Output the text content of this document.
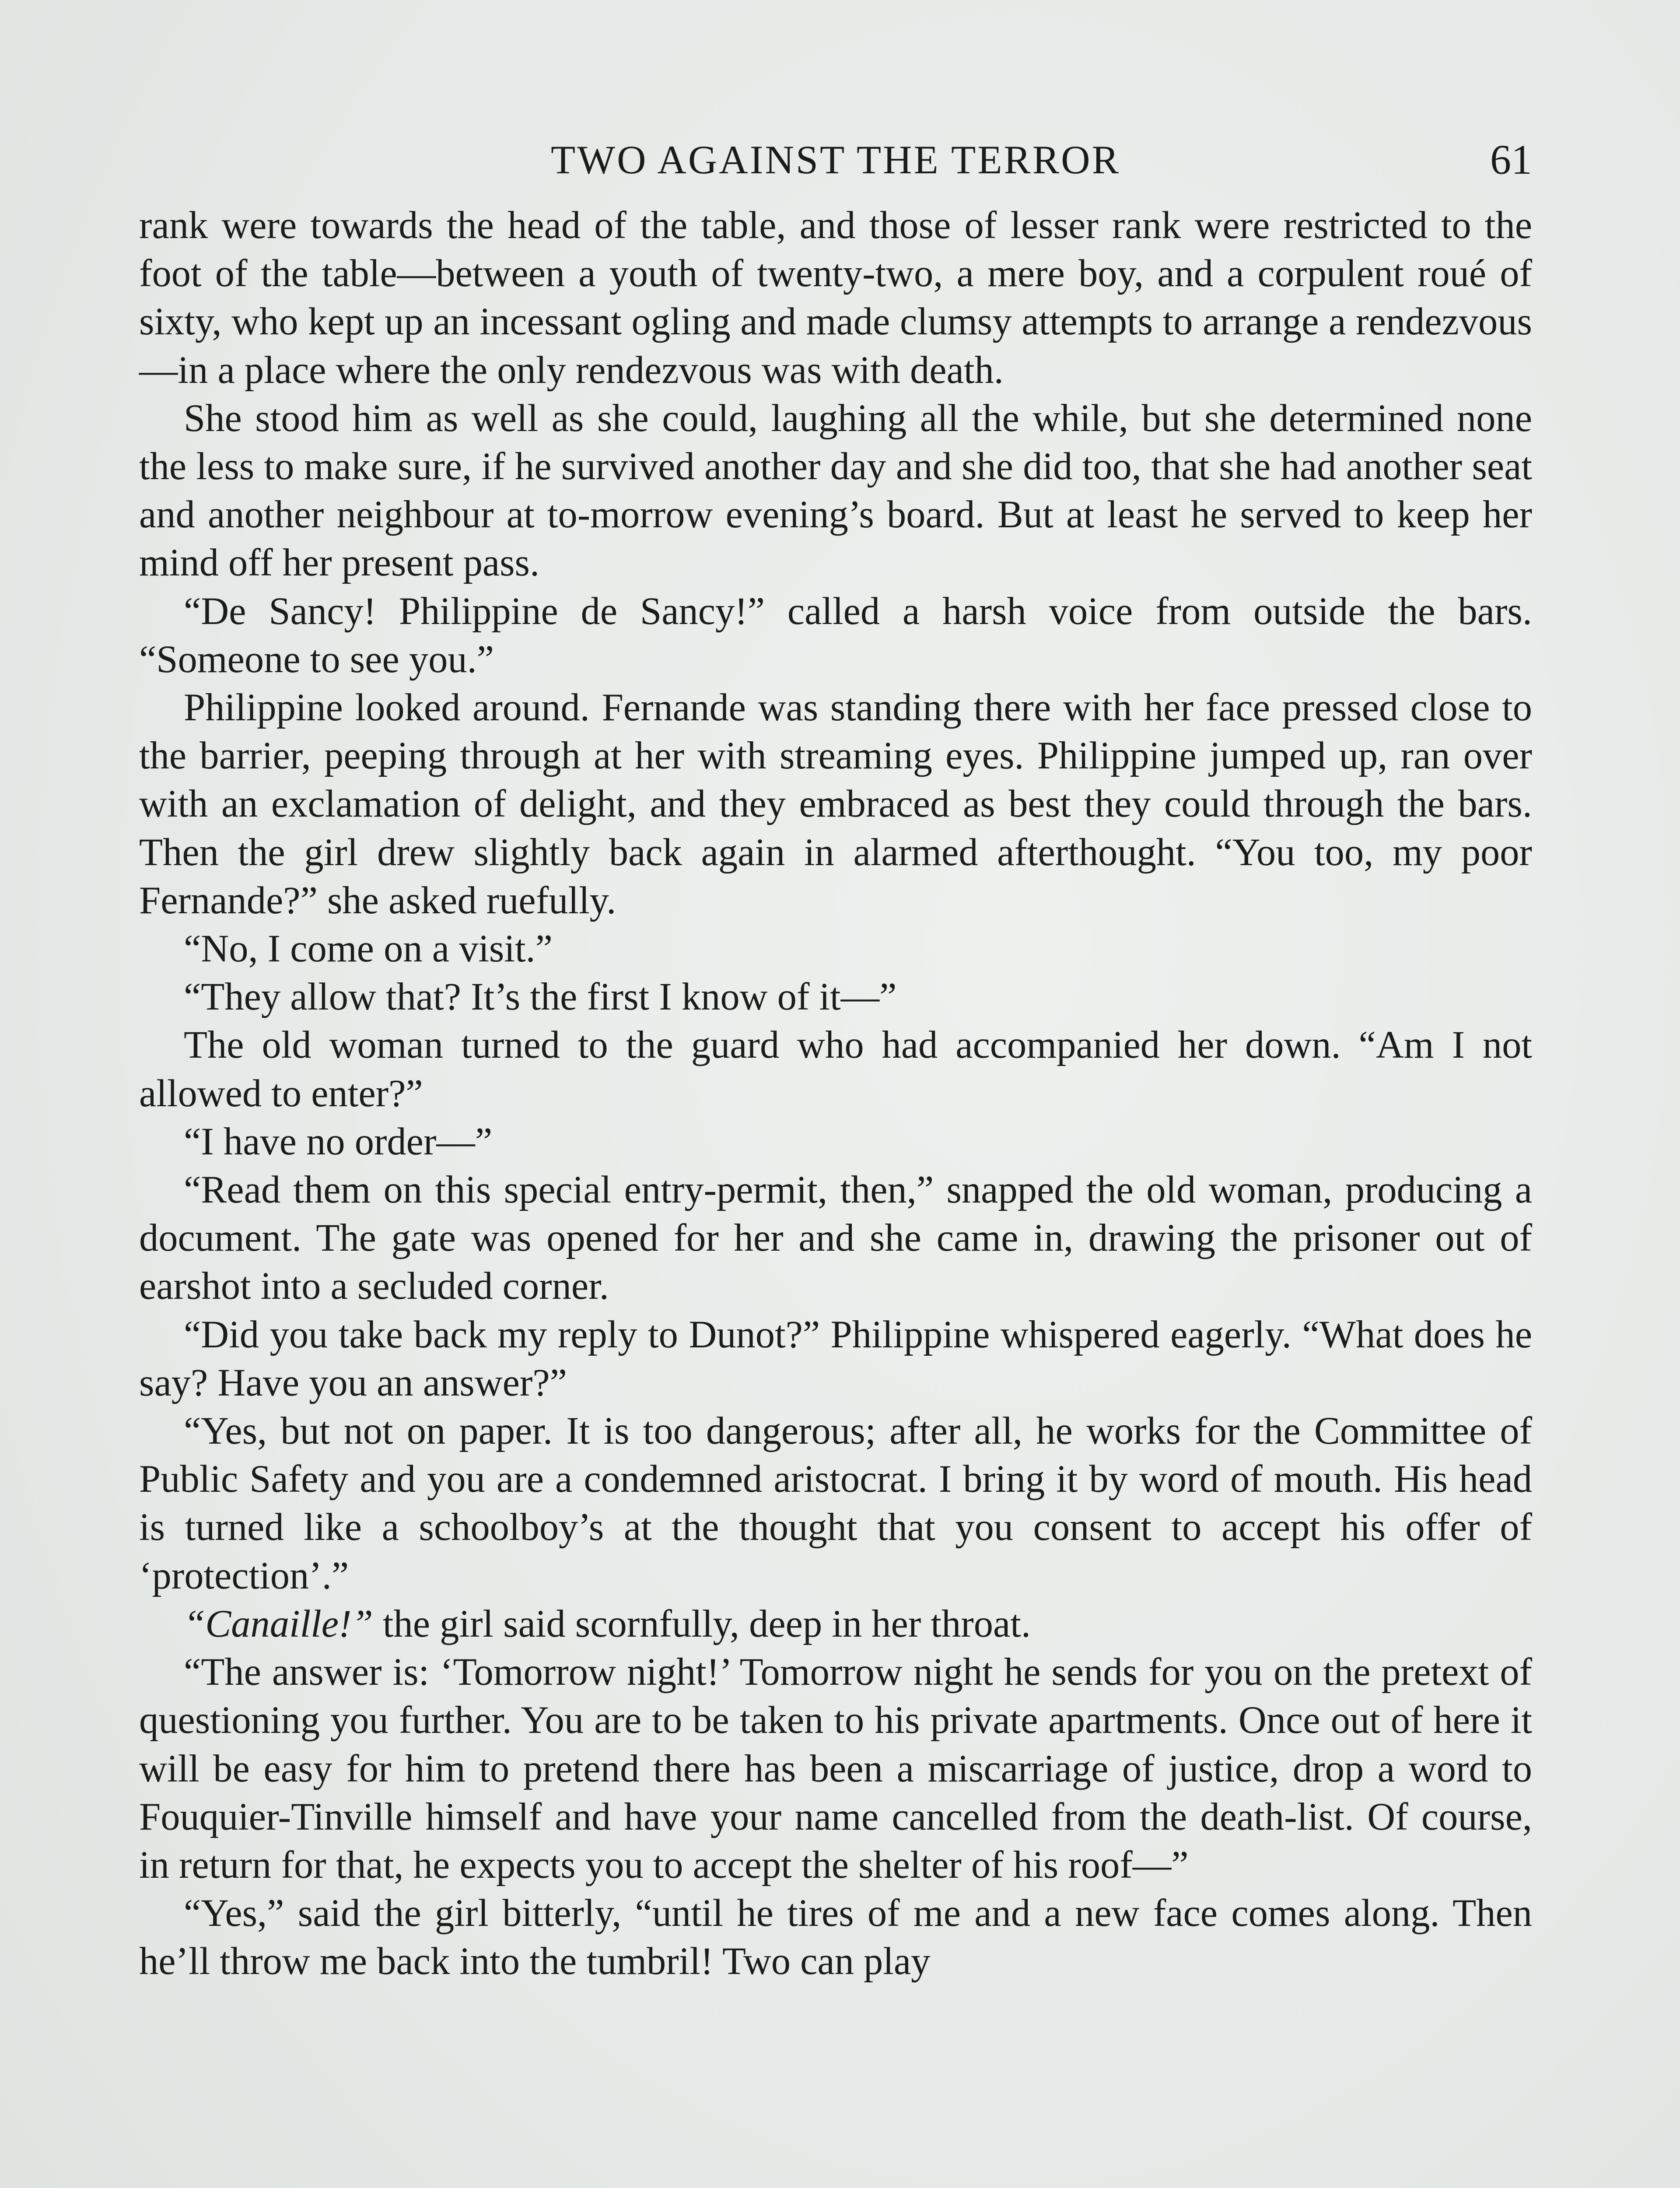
TWO AGAINST THE TERROR	61

rank were towards the head of the table, and those of lesser rank were restricted to the foot of the table—between a youth of twenty-two, a mere boy, and a corpulent roué of sixty, who kept up an incessant ogling and made clumsy attempts to arrange a rendezvous—in a place where the only rendezvous was with death.

She stood him as well as she could, laughing all the while, but she determined none the less to make sure, if he survived another day and she did too, that she had another seat and another neighbour at to-morrow evening’s board. But at least he served to keep her mind off her present pass.

“De Sancy! Philippine de Sancy!” called a harsh voice from outside the bars. “Someone to see you.”

Philippine looked around. Fernande was standing there with her face pressed close to the barrier, peeping through at her with streaming eyes. Philippine jumped up, ran over with an exclamation of delight, and they embraced as best they could through the bars. Then the girl drew slightly back again in alarmed afterthought. “You too, my poor Fernande?” she asked ruefully.

“No, I come on a visit.”

“They allow that? It’s the first I know of it—”

The old woman turned to the guard who had accompanied her down. “Am I not allowed to enter?”

“I have no order—”

“Read them on this special entry-permit, then,” snapped the old woman, producing a document. The gate was opened for her and she came in, drawing the prisoner out of earshot into a secluded corner.

“Did you take back my reply to Dunot?” Philippine whispered eagerly. “What does he say? Have you an answer?”

“Yes, but not on paper. It is too dangerous; after all, he works for the Committee of Public Safety and you are a condemned aristocrat. I bring it by word of mouth. His head is turned like a schoolboy’s at the thought that you consent to accept his offer of ‘protection’.”

“Canaille!” the girl said scornfully, deep in her throat.

“The answer is: ‘Tomorrow night!’ Tomorrow night he sends for you on the pretext of questioning you further. You are to be taken to his private apartments. Once out of here it will be easy for him to pretend there has been a miscarriage of justice, drop a word to Fouquier-Tinville himself and have your name cancelled from the death-list. Of course, in return for that, he expects you to accept the shelter of his roof—”

“Yes,” said the girl bitterly, “until he tires of me and a new face comes along. Then he’ll throw me back into the tumbril! Two can play
